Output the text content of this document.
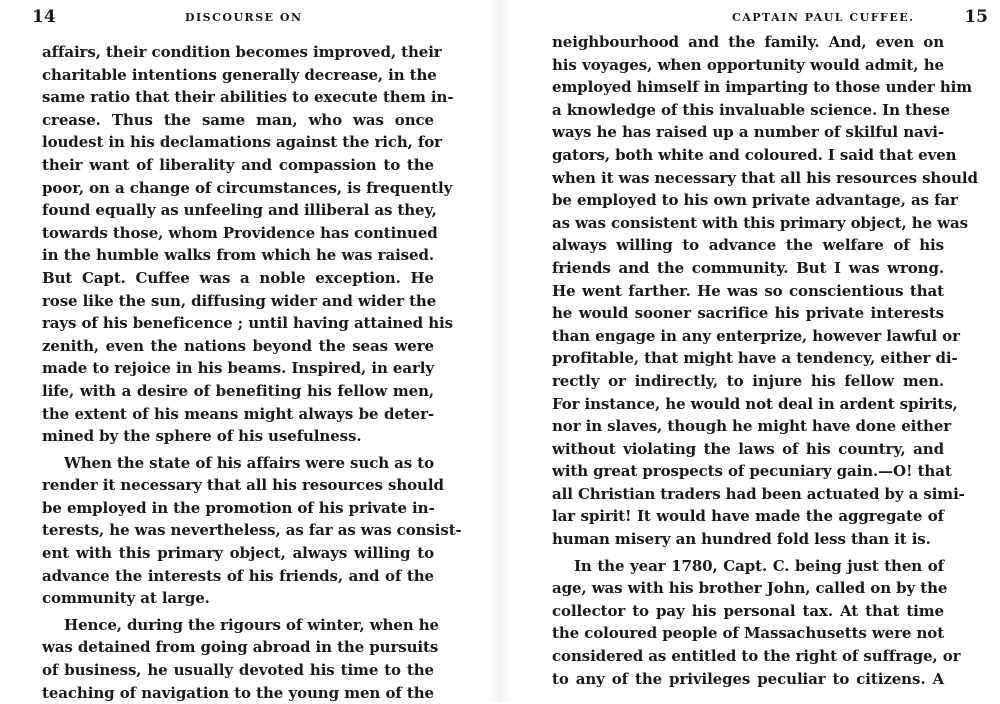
14	DISCOURSE ON
affairs, their condition becomes improved, their
charitable intentions generally decrease, in the
same ratio that their abilities to execute them in-
crease. Thus the same man, who was once
loudest in his declamations against the rich, for
their want of liberality and compassion to the
poor, on a change of circumstances, is frequently
found equally as unfeeling and illiberal as they,
towards those, whom Providence has continued
in the humble walks from which he was raised.
But Capt. Cuffee was a noble exception. He
rose like the sun, diffusing wider and wider the
rays of his beneficence ; until having attained his
zenith, even the nations beyond the seas were
made to rejoice in his beams. Inspired, in early
life, with a desire of benefiting his fellow men,
the extent of his means might always be deter-
mined by the sphere of his usefulness.
When the state of his affairs were such as to
render it necessary that all his resources should
be employed in the promotion of his private in-
terests, he was nevertheless, as far as was consist-
ent with this primary object, always willing to
advance the interests of his friends, and of the
community at large.
Hence, during the rigours of winter, when he
was detained from going abroad in the pursuits
of business, he usually devoted his time to the
teaching of navigation to the young men of the
CAPTAIN PAUL CUFFEE.	15
neighbourhood and the family. And, even on
his voyages, when opportunity would admit, he
employed himself in imparting to those under him
a knowledge of this invaluable science. In these
ways he has raised up a number of skilful navi-
gators, both white and coloured. I said that even
when it was necessary that all his resources should
be employed to his own private advantage, as far
as was consistent with this primary object, he was
always willing to advance the welfare of his
friends and the community. But I was wrong.
He went farther. He was so conscientious that
he would sooner sacrifice his private interests
than engage in any enterprize, however lawful or
profitable, that might have a tendency, either di-
rectly or indirectly, to injure his fellow men.
For instance, he would not deal in ardent spirits,
nor in slaves, though he might have done either
without violating the laws of his country, and
with great prospects of pecuniary gain.—O! that
all Christian traders had been actuated by a simi-
lar spirit! It would have made the aggregate of
human misery an hundred fold less than it is.
In the year 1780, Capt. C. being just then of
age, was with his brother John, called on by the
collector to pay his personal tax. At that time
the coloured people of Massachusetts were not
considered as entitled to the right of suffrage, or
to any of the privileges peculiar to citizens. A
